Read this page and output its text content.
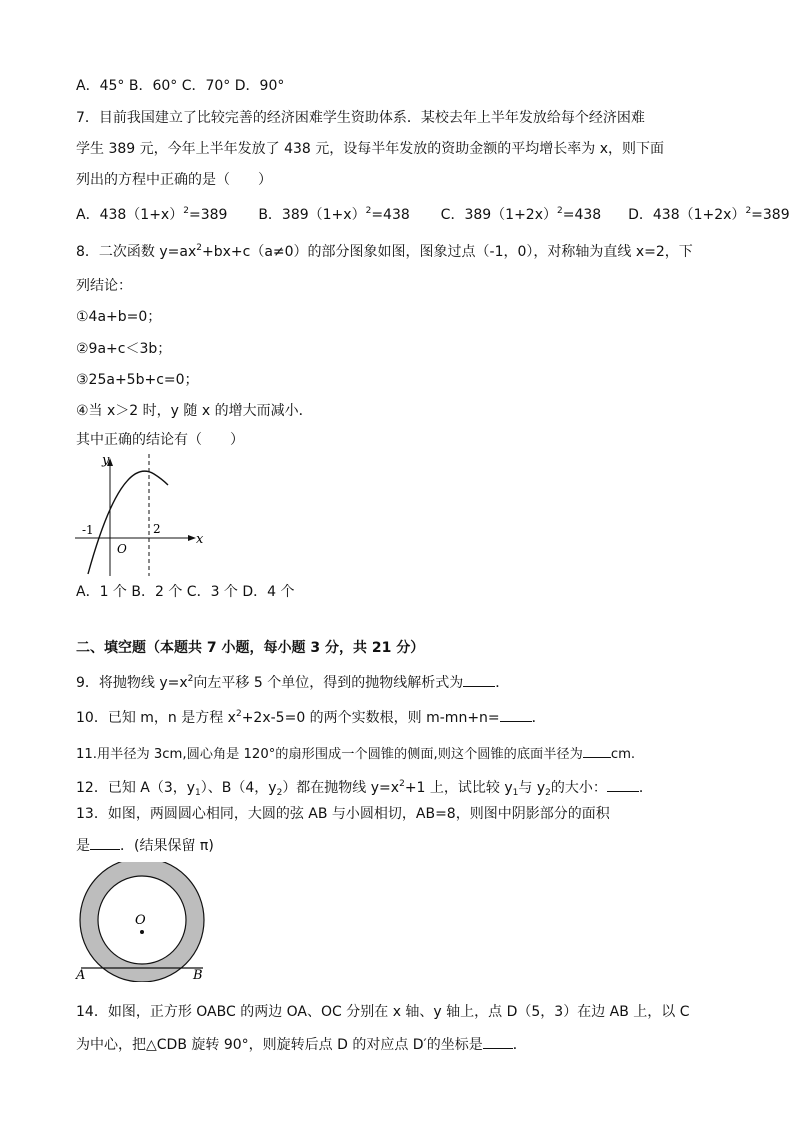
A．45° B．60° C．70° D．90°
7．目前我国建立了比较完善的经济困难学生资助体系．某校去年上半年发放给每个经济困难
学生 389 元，今年上半年发放了 438 元，设每半年发放的资助金额的平均增长率为 x，则下面
列出的方程中正确的是（　　）
A．$438(1+x)^2=389$ B．$389(1+x)^2=438$ C．$389(1+2x)^2=438$ D．$438(1+2x)^2=389$
8．二次函数 $y=ax^2+bx+c(a\ne 0)$的部分图象如图，图象过点（-1，0），对称轴为直线 x=2，下
列结论：
①4a+b=0；
②9a+c＜3b；
③25a+5b+c=0；
④当 x＞2 时，y 随 x 的增大而减小．
其中正确的结论有（　　）
y
x
O
-1	2
A．1 个 B．2 个 C．3 个 D．4 个
二、填空题（本题共 7 小题，每小题 3 分，共 21 分）
9．将抛物线 $y=x^2$向左平移 5 个单位，得到的抛物线解析式为 ．
10．已知 m，n 是方程 $x^2+2x-5=0$ 的两个实数根，则 m-mn+n= ．
11.用半径为 3cm,圆心角是 120°的扇形围成一个圆锥的侧面,则这个圆锥的底面半径为 cm.
12．已知 A（3，$y_1$）、B（4，$y_2$）都在抛物线 $y=x^2+1$ 上，试比较 $y_1$与 $y_2$的大小： ．
13．如图，两圆圆心相同，大圆的弦 AB 与小圆相切，AB=8，则图中阴影部分的面积
是 ．(结果保留 π)
O
A	B
14．如图，正方形 OABC 的两边 OA、OC 分别在 x 轴、y 轴上，点 D（5，3）在边 AB 上，以 C
为中心，把△CDB 旋转 90°，则旋转后点 D 的对应点 D′的坐标是 ．
